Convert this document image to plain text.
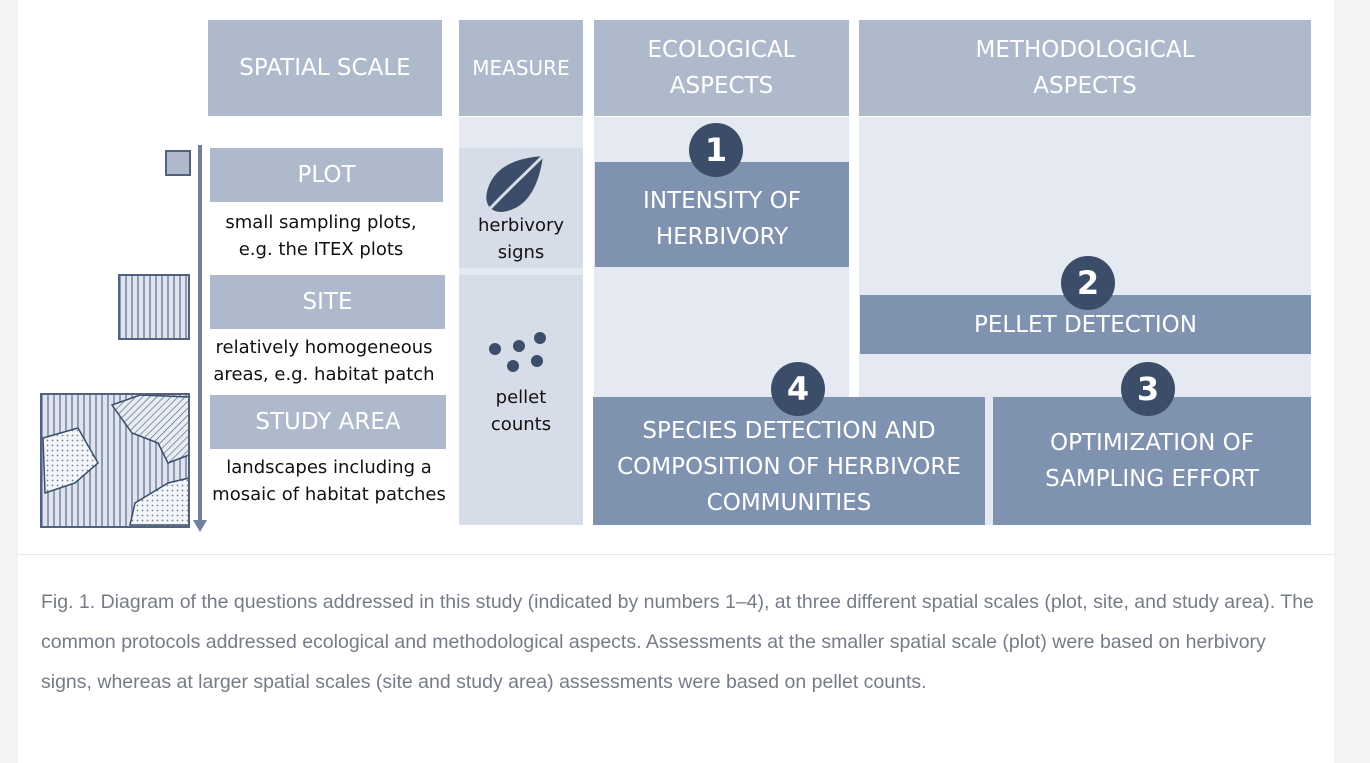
SPATIAL SCALE	MEASURE
ECOLOGICAL ASPECTS
METHODOLOGICAL ASPECTS
PLOT
small sampling plots, e.g. the ITEX plots
SITE
relatively homogeneous areas, e.g. habitat patch
STUDY AREA
landscapes including a mosaic of habitat patches
herbivory signs
pellet counts
INTENSITY OF HERBIVORY
1
PELLET DETECTION
2
SPECIES DETECTION AND COMPOSITION OF HERBIVORE COMMUNITIES
4
OPTIMIZATION OF SAMPLING EFFORT
3
Fig. 1. Diagram of the questions addressed in this study (indicated by numbers 1–4), at three different spatial scales (plot, site, and study area). The common protocols addressed ecological and methodological aspects. Assessments at the smaller spatial scale (plot) were based on herbivory signs, whereas at larger spatial scales (site and study area) assessments were based on pellet counts.
